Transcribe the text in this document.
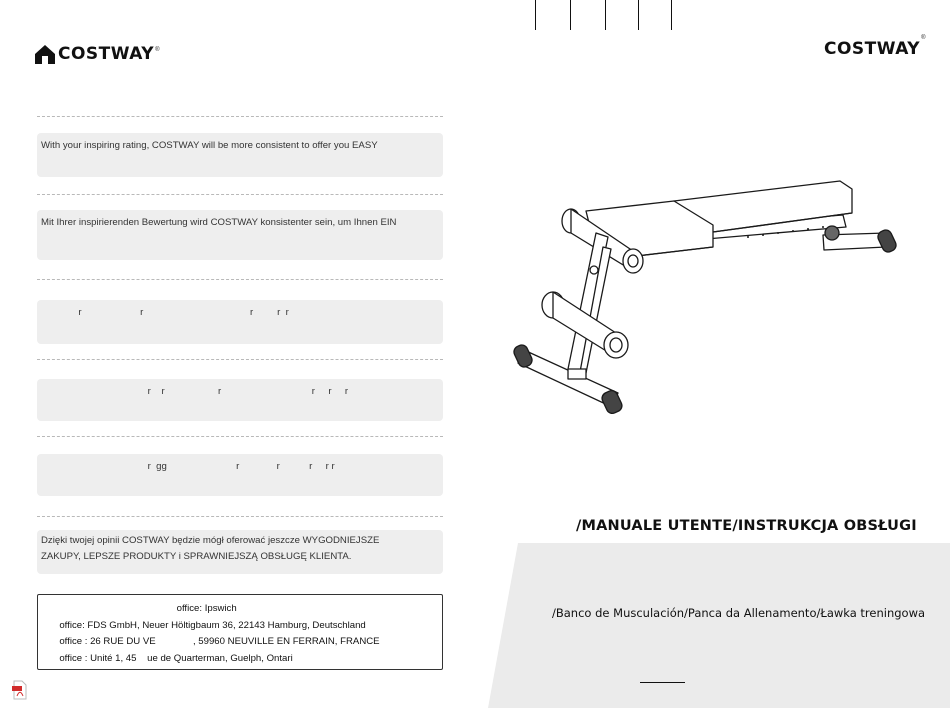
COSTWAY ®	COSTWAY®
With your inspiring rating, COSTWAY will be more consistent to offer you EASY
Mit Ihrer inspirierenden Bewertung wird COSTWAY konsistenter sein, um Ihnen EIN
r                      r                                        r         r  r
r    r                    r                                  r     r     r
r  gg                          r              r           r     r r
Dzięki twojej opinii COSTWAY będzie mógł oferować jeszcze WYGODNIEJSZE
ZAKUPY, LEPSZE PRODUKTY i SPRAWNIEJSZĄ OBSŁUGĘ KLIENTA.
office: Ipswich
office: FDS GmbH, Neuer Höltigbaum 36, 22143 Hamburg, Deutschland
office : 26 RUE DU VE              , 59960 NEUVILLE EN FERRAIN, FRANCE
office : Unité 1, 45    ue de Quarterman, Guelph, Ontari
/MANUALE UTENTE/INSTRUKCJA OBSŁUGI
/Banco de Musculación/Panca da Allenamento/Ławka treningowa
